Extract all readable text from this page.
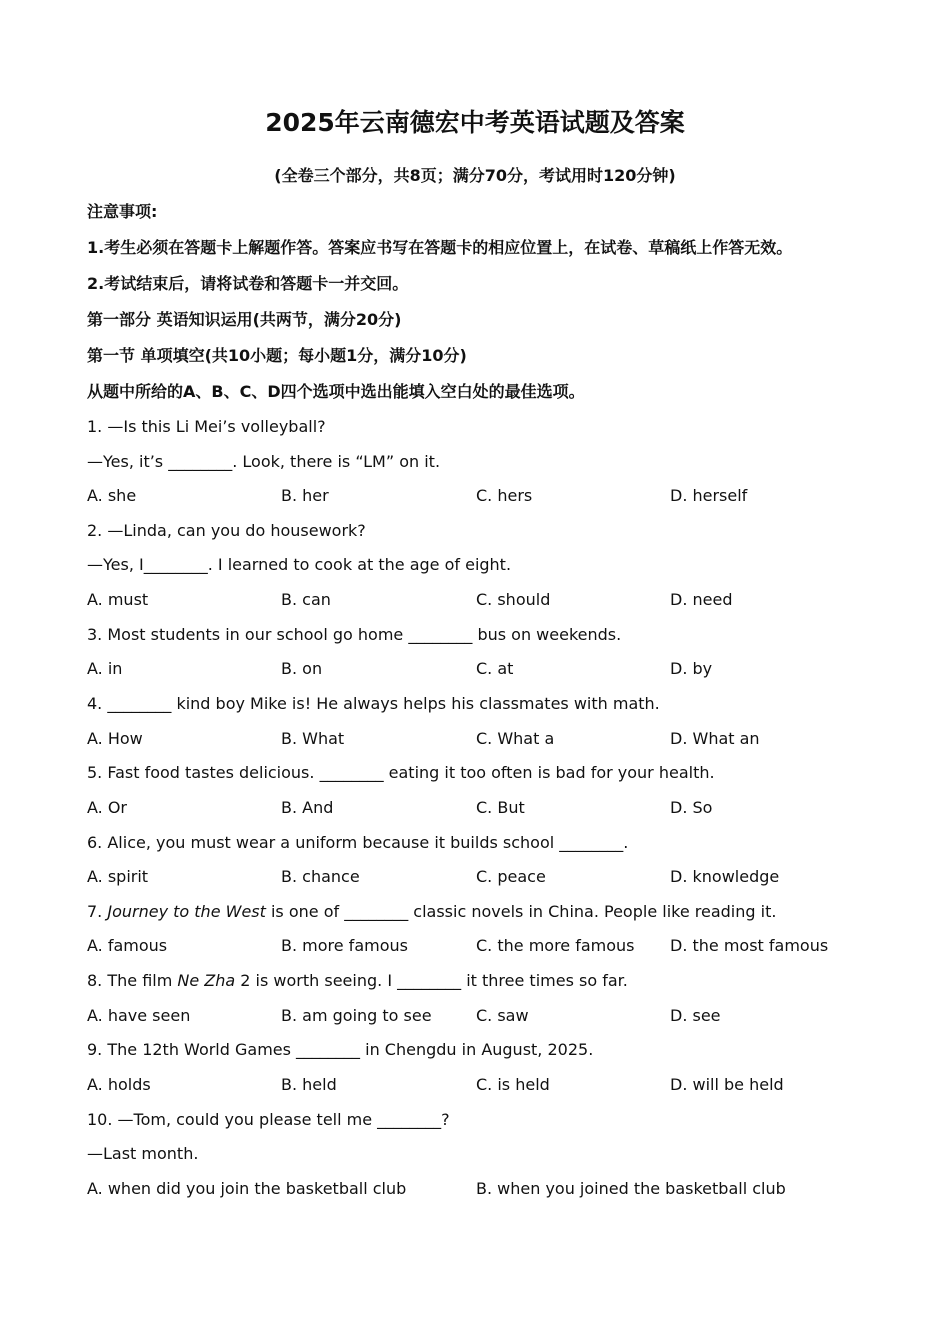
2025年云南德宏中考英语试题及答案
(全卷三个部分，共8页；满分70分，考试用时120分钟)
注意事项:
1.考生必须在答题卡上解题作答。答案应书写在答题卡的相应位置上，在试卷、草稿纸上作答无效。
2.考试结束后，请将试卷和答题卡一并交回。
第一部分 英语知识运用(共两节，满分20分)
第一节 单项填空(共10小题；每小题1分，满分10分)
从题中所给的A、B、C、D四个选项中选出能填入空白处的最佳选项。
1. —Is this Li Mei’s volleyball?
—Yes, it’s ________. Look, there is “LM” on it.
A. she	B. her	C. hers	D. herself
2. —Linda, can you do housework?
—Yes, I________. I learned to cook at the age of eight.
A. must	B. can	C. should	D. need
3. Most students in our school go home ________ bus on weekends.
A. in	B. on	C. at	D. by
4. ________ kind boy Mike is! He always helps his classmates with math.
A. How	B. What	C. What a	D. What an
5. Fast food tastes delicious. ________ eating it too often is bad for your health.
A. Or	B. And	C. But	D. So
6. Alice, you must wear a uniform because it builds school ________.
A. spirit	B. chance	C. peace	D. knowledge
7. Journey to the West is one of ________ classic novels in China. People like reading it.
A. famous	B. more famous	C. the more famous D. the most famous
8. The film Ne Zha 2 is worth seeing. I ________ it three times so far.
A. have seen	B. am going to see	C. saw	D. see
9. The 12th World Games ________ in Chengdu in August, 2025.
A. holds	B. held	C. is held	D. will be held
10. —Tom, could you please tell me ________?
—Last month.
A. when did you join the basketball club	B. when you joined the basketball club
